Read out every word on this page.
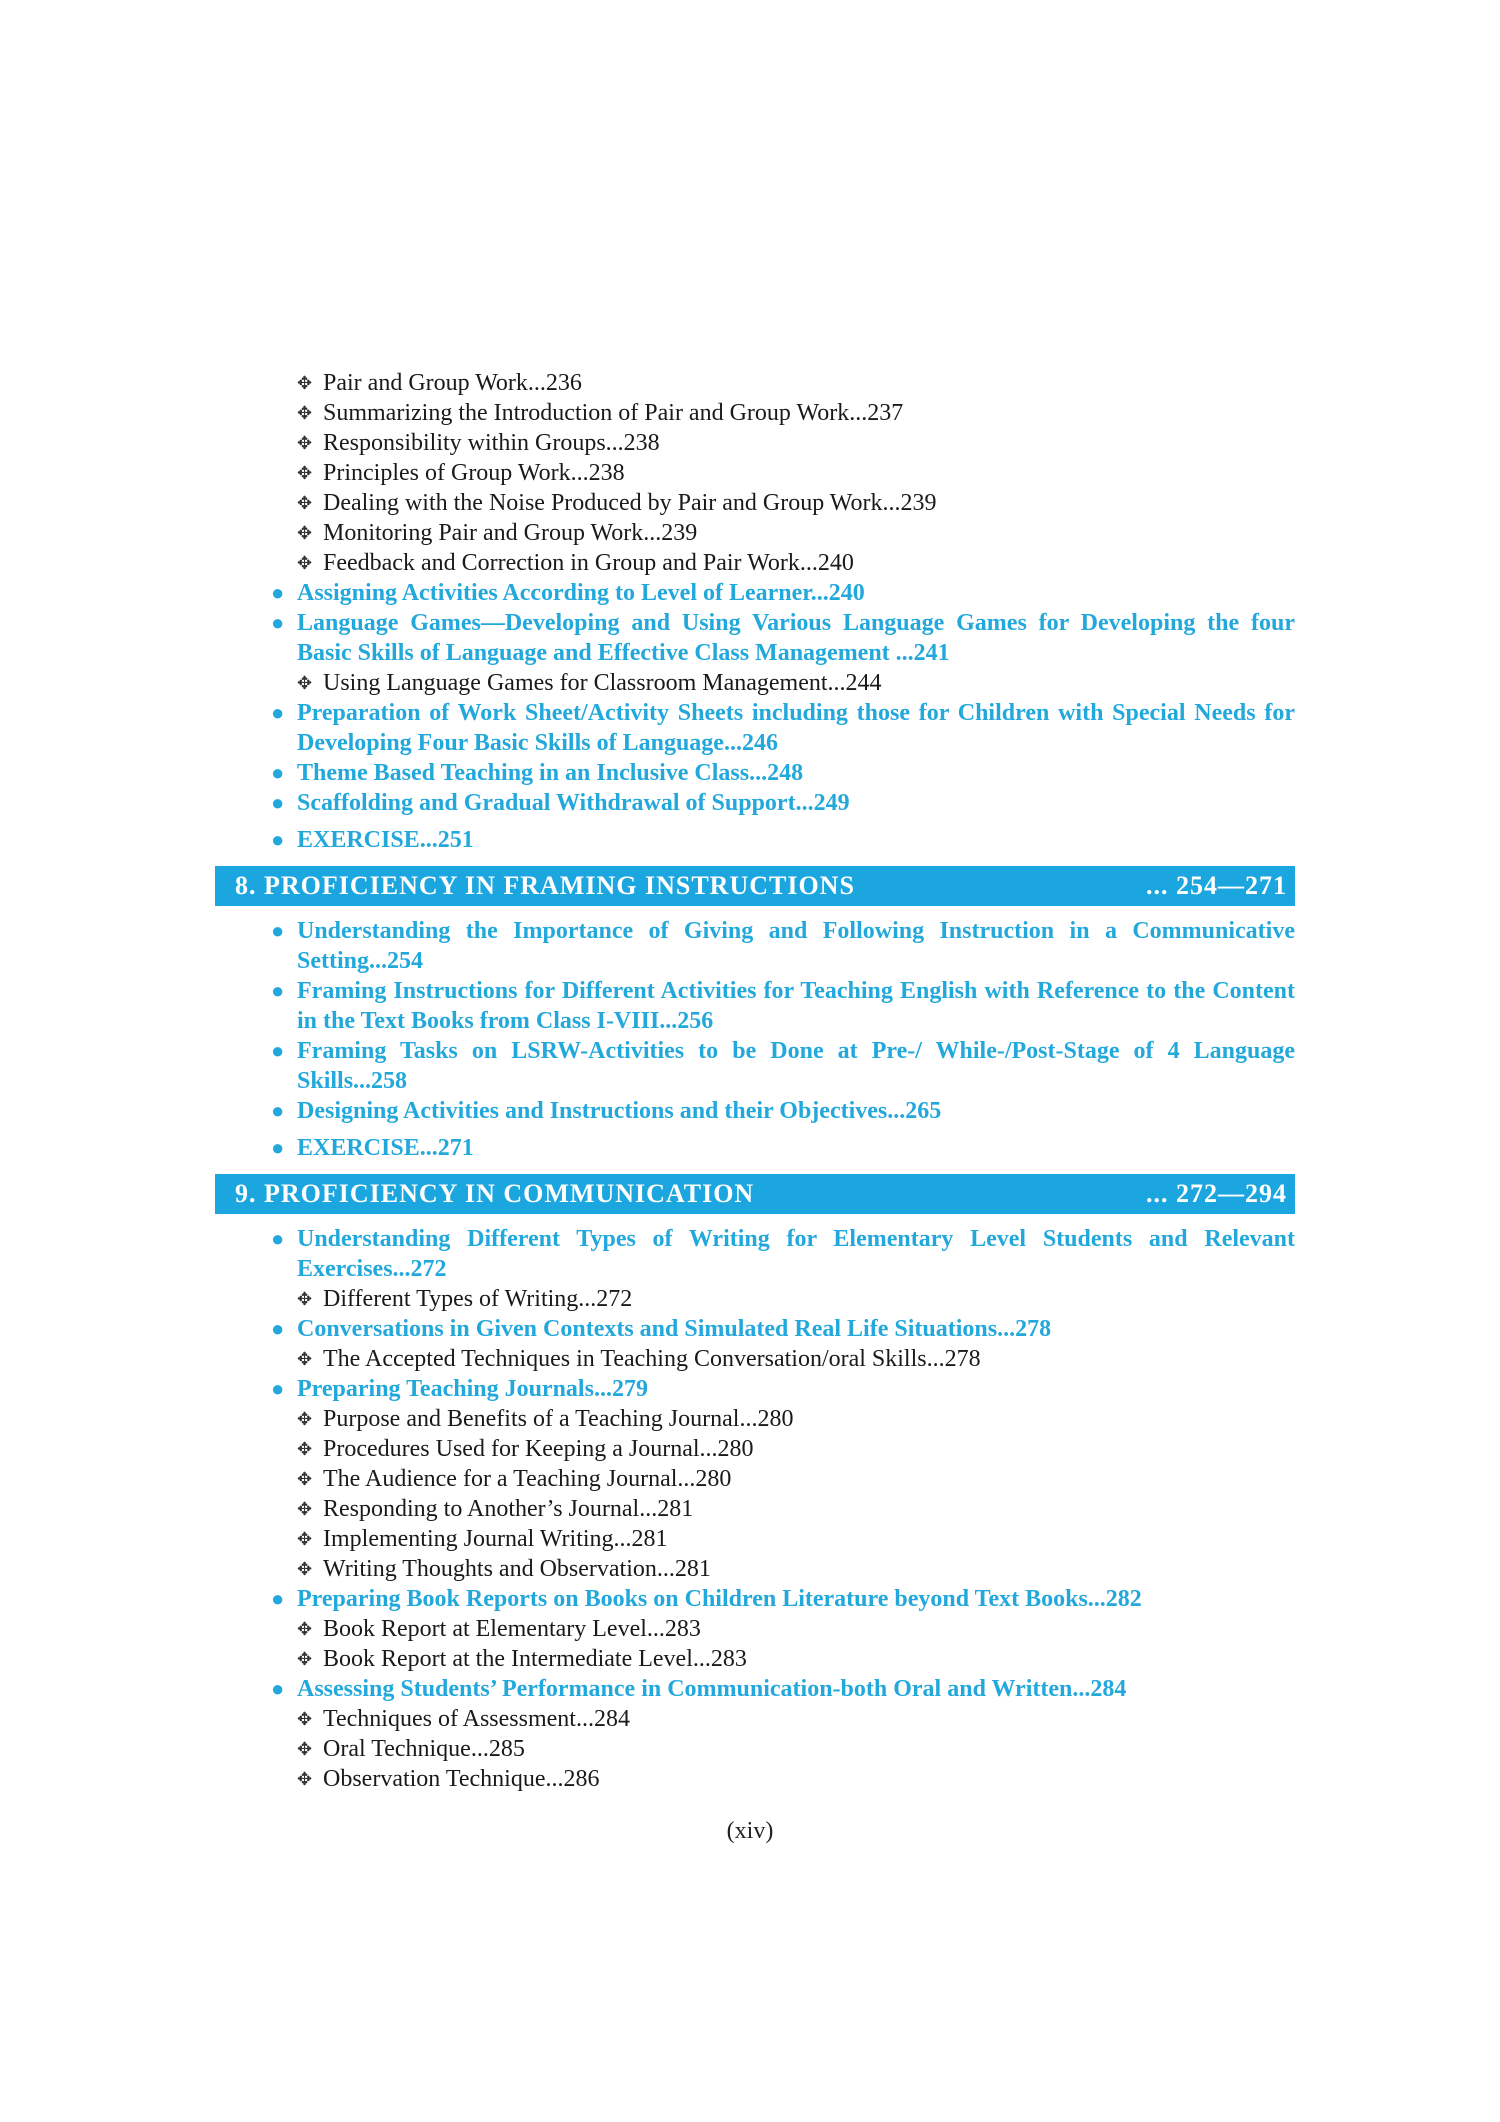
✥ Pair and Group Work...236
✥ Summarizing the Introduction of Pair and Group Work...237
✥ Responsibility within Groups...238
✥ Principles of Group Work...238
✥ Dealing with the Noise Produced by Pair and Group Work...239
✥ Monitoring Pair and Group Work...239
✥ Feedback and Correction in Group and Pair Work...240
● Assigning Activities According to Level of Learner...240
● Language Games—Developing and Using Various Language Games for Developing the four Basic Skills of Language and Effective Class Management ...241
✥ Using Language Games for Classroom Management...244
● Preparation of Work Sheet/Activity Sheets including those for Children with Special Needs for Developing Four Basic Skills of Language...246
● Theme Based Teaching in an Inclusive Class...248
● Scaffolding and Gradual Withdrawal of Support...249
● EXERCISE...251
8. PROFICIENCY IN FRAMING INSTRUCTIONS	... 254—271
● Understanding the Importance of Giving and Following Instruction in a Communicative Setting...254
● Framing Instructions for Different Activities for Teaching English with Reference to the Content in the Text Books from Class I-VIII...256
● Framing Tasks on LSRW-Activities to be Done at Pre-/ While-/Post-Stage of 4 Language Skills...258
● Designing Activities and Instructions and their Objectives...265
● EXERCISE...271
9. PROFICIENCY IN COMMUNICATION	... 272—294
● Understanding Different Types of Writing for Elementary Level Students and Relevant Exercises...272
✥ Different Types of Writing...272
● Conversations in Given Contexts and Simulated Real Life Situations...278
✥ The Accepted Techniques in Teaching Conversation/oral Skills...278
● Preparing Teaching Journals...279
✥ Purpose and Benefits of a Teaching Journal...280
✥ Procedures Used for Keeping a Journal...280
✥ The Audience for a Teaching Journal...280
✥ Responding to Another’s Journal...281
✥ Implementing Journal Writing...281
✥ Writing Thoughts and Observation...281
● Preparing Book Reports on Books on Children Literature beyond Text Books...282
✥ Book Report at Elementary Level...283
✥ Book Report at the Intermediate Level...283
● Assessing Students’ Performance in Communication-both Oral and Written...284
✥ Techniques of Assessment...284
✥ Oral Technique...285
✥ Observation Technique...286
(xiv)
